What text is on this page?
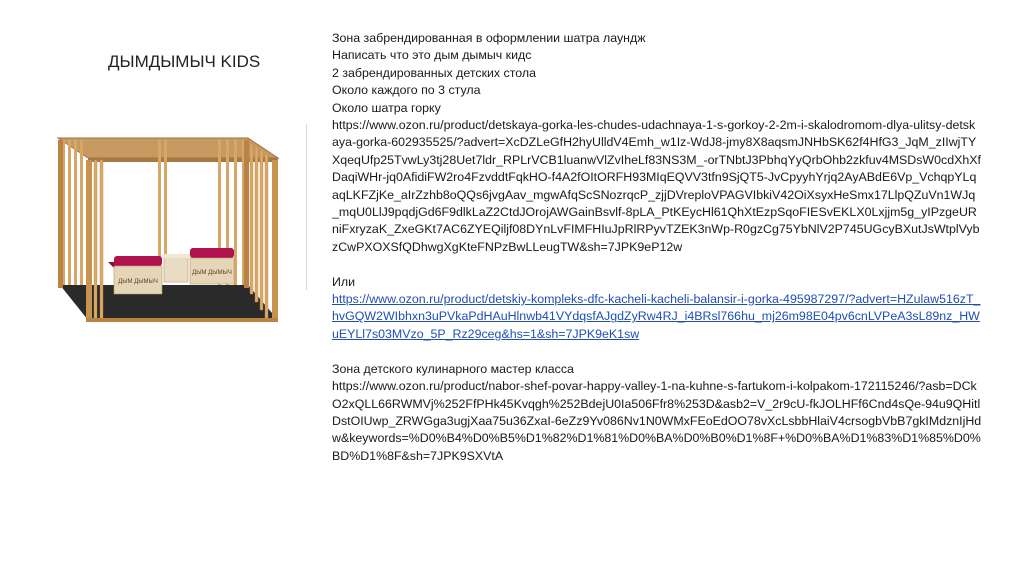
ДЫМДЫМЫЧ KIDS
ДЫМ ДЫМЫЧ
ДЫМ ДЫМЫЧ

Зона забрендированная в оформлении шатра лаундж

Написать что это дым дымыч кидс

2 забрендированных детских стола

Около каждого по 3 стула

Около шатра горку

https://www.ozon.ru/product/detskaya-gorka-les-chudes-udachnaya-1-s-gorkoy-2-2m-i-skalodromom-dlya-ulitsy-detskaya-gorka-602935525/?advert=XcDZLeGfH2hyUlldV4Emh_w1Iz-WdJ8-jmy8X8aqsmJNHbSK62f4HfG3_JqM_zIIwjTYXqeqUfp25TvwLy3tj28Uet7ldr_RPLrVCB1luanwVlZvIheLf83NS3M_-orTNbtJ3PbhqYyQrbOhb2zkfuv4MSDsW0cdXhXfDaqiWHr-jq0AfidiFW2ro4FzvddtFqkHO-f4A2fOItORFH93MIqEQVV3tfn9SjQT5-JvCpyyhYrjq2AyABdE6Vp_VchqpYLqaqLKFZjKe_aIrZzhb8oQQs6jvgAav_mgwAfqScSNozrqcP_zjjDVreploVPAGVIbkiV42OiXsyxHeSmx17LlpQZuVn1WJq_mqU0LlJ9pqdjGd6F9dlkLaZ2CtdJOrojAWGainBsvlf-8pLA_PtKEycHl61QhXtEzpSqoFIESvEKLX0Lxjjm5g_yIPzgeURniFxryzaK_ZxeGKt7AC6ZYEQiljf08DYnLvFIMFHIuJpRlRPyvTZEK3nWp-R0gzCg75YbNlV2P745UGcyBXutJsWtplVybzCwPXOXSfQDhwgXgKteFNPzBwLLeugTW&sh=7JPK9eP12w

Или

https://www.ozon.ru/product/detskiy-kompleks-dfc-kacheli-kacheli-balansir-i-gorka-495987297/?advert=HZulaw516zT_hvGQW2WIbhxn3uPVkaPdHAuHlnwb41VYdqsfAJgdZyRw4RJ_i4BRsl766hu_mj26m98E04pv6cnLVPeA3sL89nz_HWuEYLl7s03MVzo_5P_Rz29ceg&hs=1&sh=7JPK9eK1sw

Зона детского кулинарного мастер класса

https://www.ozon.ru/product/nabor-shef-povar-happy-valley-1-na-kuhne-s-fartukom-i-kolpakom-172115246/?asb=DCkO2xQLL66RWMVj%252FfPHk45Kvqgh%252BdejU0Ia506Ffr8%253D&asb2=V_2r9cU-fkJOLHFf6Cnd4sQe-94u9QHitlDstOIUwp_ZRWGga3ugjXaa75u36ZxaI-6eZz9Yv086Nv1N0WMxFEoEdOO78vXcLsbbHlaiV4crsogbVbB7gkIMdznIjHdw&keywords=%D0%B4%D0%B5%D1%82%D1%81%D0%BA%D0%B0%D1%8F+%D0%BA%D1%83%D1%85%D0%BD%D1%8F&sh=7JPK9SXVtA
